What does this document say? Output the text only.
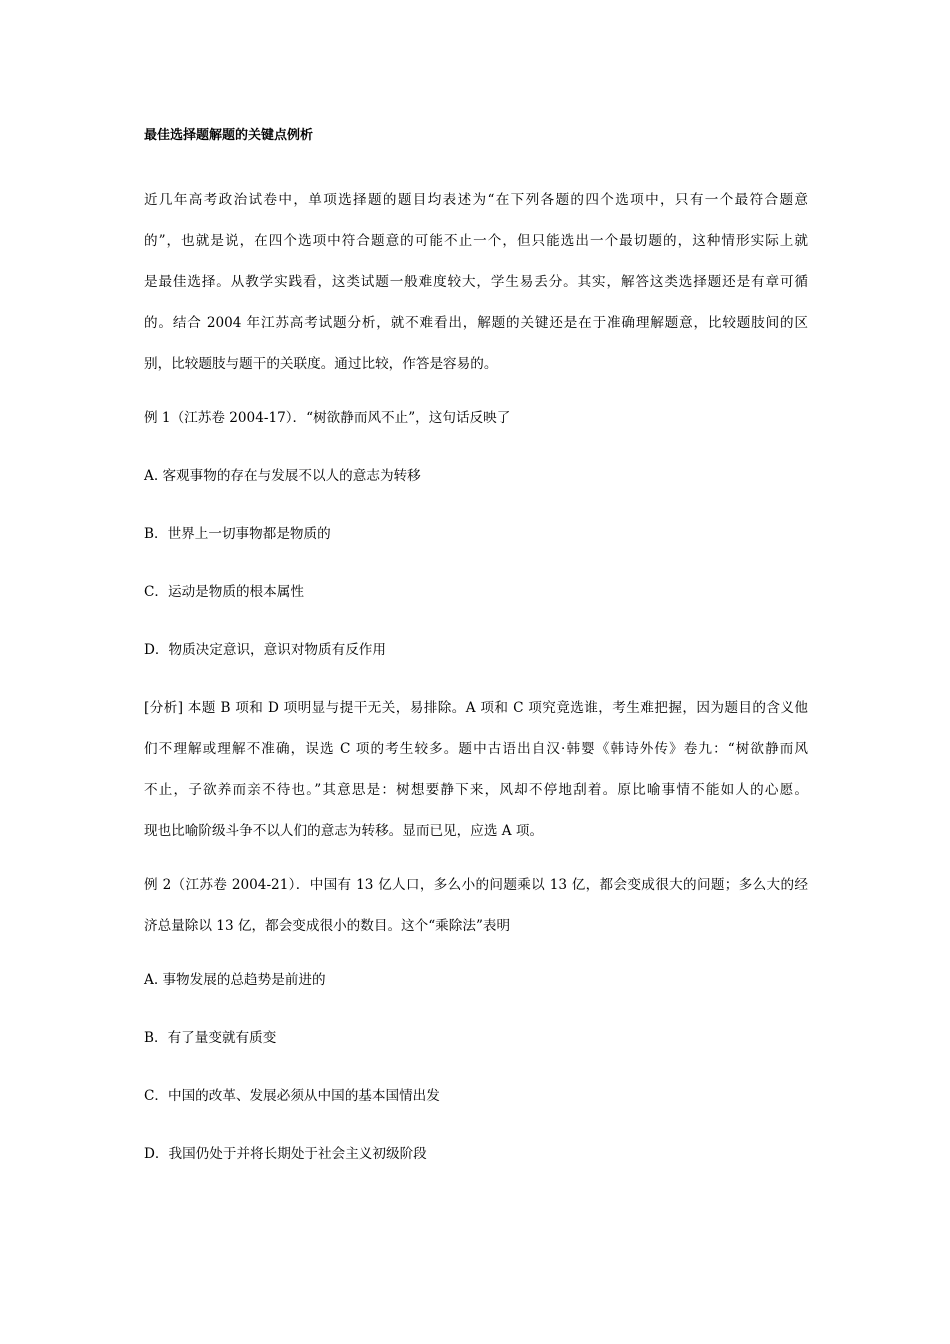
最佳选择题解题的关键点例析
近几年高考政治试卷中，单项选择题的题目均表述为“在下列各题的四个选项中，只有一个最符合题意
的”，也就是说，在四个选项中符合题意的可能不止一个，但只能选出一个最切题的，这种情形实际上就
是最佳选择。从教学实践看，这类试题一般难度较大，学生易丢分。其实，解答这类选择题还是有章可循
的。结合 2004 年江苏高考试题分析，就不难看出，解题的关键还是在于准确理解题意，比较题肢间的区
别，比较题肢与题干的关联度。通过比较，作答是容易的。
例 1（江苏卷 2004-17）．“树欲静而风不止”，这句话反映了
A. 客观事物的存在与发展不以人的意志为转移
B．世界上一切事物都是物质的
C．运动是物质的根本属性
D．物质决定意识，意识对物质有反作用
[分析] 本题 B 项和 D 项明显与提干无关，易排除。A 项和 C 项究竟选谁，考生难把握，因为题目的含义他
们不理解或理解不准确，误选 C 项的考生较多。题中古语出自汉·韩婴《韩诗外传》卷九：“树欲静而风
不止，子欲养而亲不待也。”其意思是：树想要静下来，风却不停地刮着。原比喻事情不能如人的心愿。
现也比喻阶级斗争不以人们的意志为转移。显而已见，应选 A 项。
例 2（江苏卷 2004-21）．中国有 13 亿人口，多么小的问题乘以 13 亿，都会变成很大的问题；多么大的经
济总量除以 13 亿，都会变成很小的数目。这个“乘除法”表明
A. 事物发展的总趋势是前进的
B．有了量变就有质变
C．中国的改革、发展必须从中国的基本国情出发
D．我国仍处于并将长期处于社会主义初级阶段
